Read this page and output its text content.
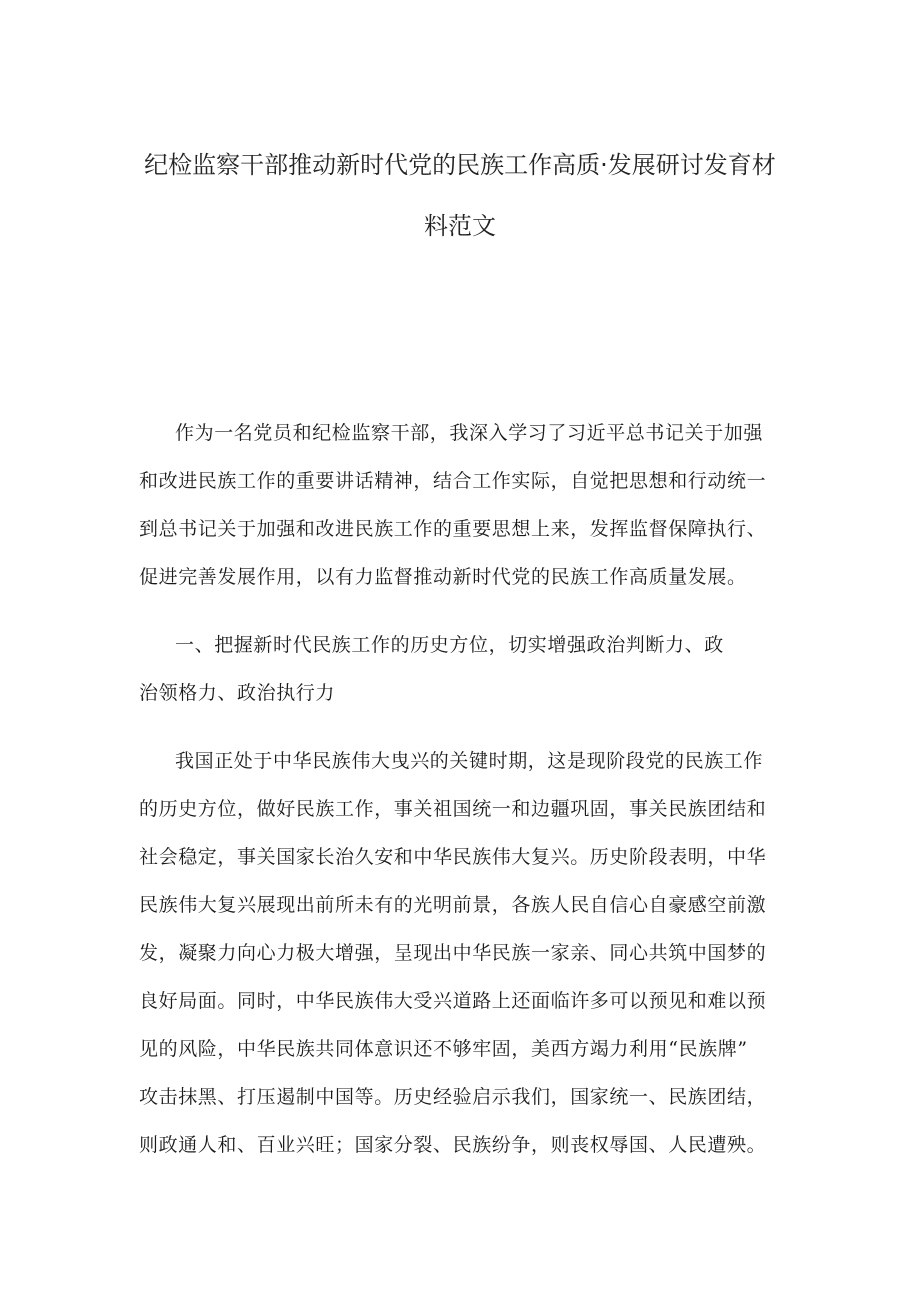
纪检监察干部推动新时代党的民族工作高质·发展研讨发育材
料范文
作为一名党员和纪检监察干部，我深入学习了习近平总书记关于加强
和改进民族工作的重要讲话精神，结合工作实际，自觉把思想和行动统一
到总书记关于加强和改进民族工作的重要思想上来，发挥监督保障执行、
促进完善发展作用，以有力监督推动新时代党的民族工作高质量发展。
一、把握新时代民族工作的历史方位，切实增强政治判断力、政
治领格力、政治执行力
我国正处于中华民族伟大曳兴的关键时期，这是现阶段党的民族工作
的历史方位，做好民族工作，事关祖国统一和边疆巩固，事关民族团结和
社会稳定，事关国家长治久安和中华民族伟大复兴。历史阶段表明，中华
民族伟大复兴展现出前所未有的光明前景，各族人民自信心自豪感空前激
发，凝聚力向心力极大增强，呈现出中华民族一家亲、同心共筑中国梦的
良好局面。同时，中华民族伟大受兴道路上还面临许多可以预见和难以预
见的风险，中华民族共同体意识还不够牢固，美西方竭力利用“民族牌”
攻击抹黑、打压遏制中国等。历史经验启示我们，国家统一、民族团结，
则政通人和、百业兴旺；国家分裂、民族纷争，则丧权辱国、人民遭殃。
